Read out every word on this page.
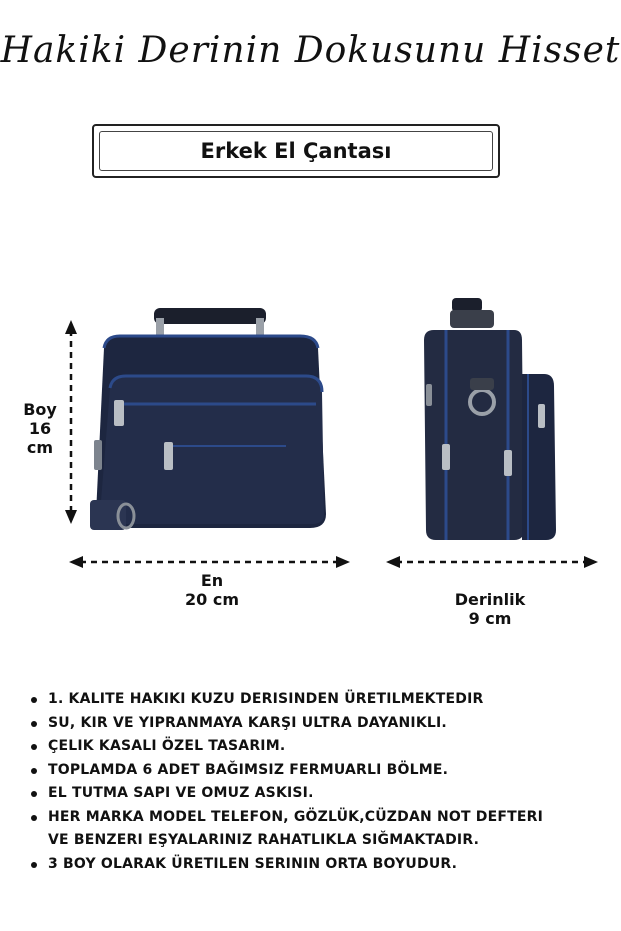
Hakiki Derinin Dokusunu Hisset
Erkek El Çantası
Boy
16
cm
En
20 cm	Derinlik
9 cm
1. KALITE HAKIKI KUZU DERISINDEN ÜRETILMEKTEDIR
SU, KIR VE YIPRANMAYA KARŞI ULTRA DAYANIKLI.
ÇELIK KASALI ÖZEL TASARIM.
TOPLAMDA 6 ADET BAĞIMSIZ FERMUARLI BÖLME.
EL TUTMA SAPI VE OMUZ ASKISI.
HER MARKA MODEL TELEFON, GÖZLÜK,CÜZDAN NOT DEFTERI
VE BENZERI EŞYALARINIZ RAHATLIKLA SIĞMAKTADIR.
3 BOY OLARAK ÜRETILEN SERININ ORTA BOYUDUR.
